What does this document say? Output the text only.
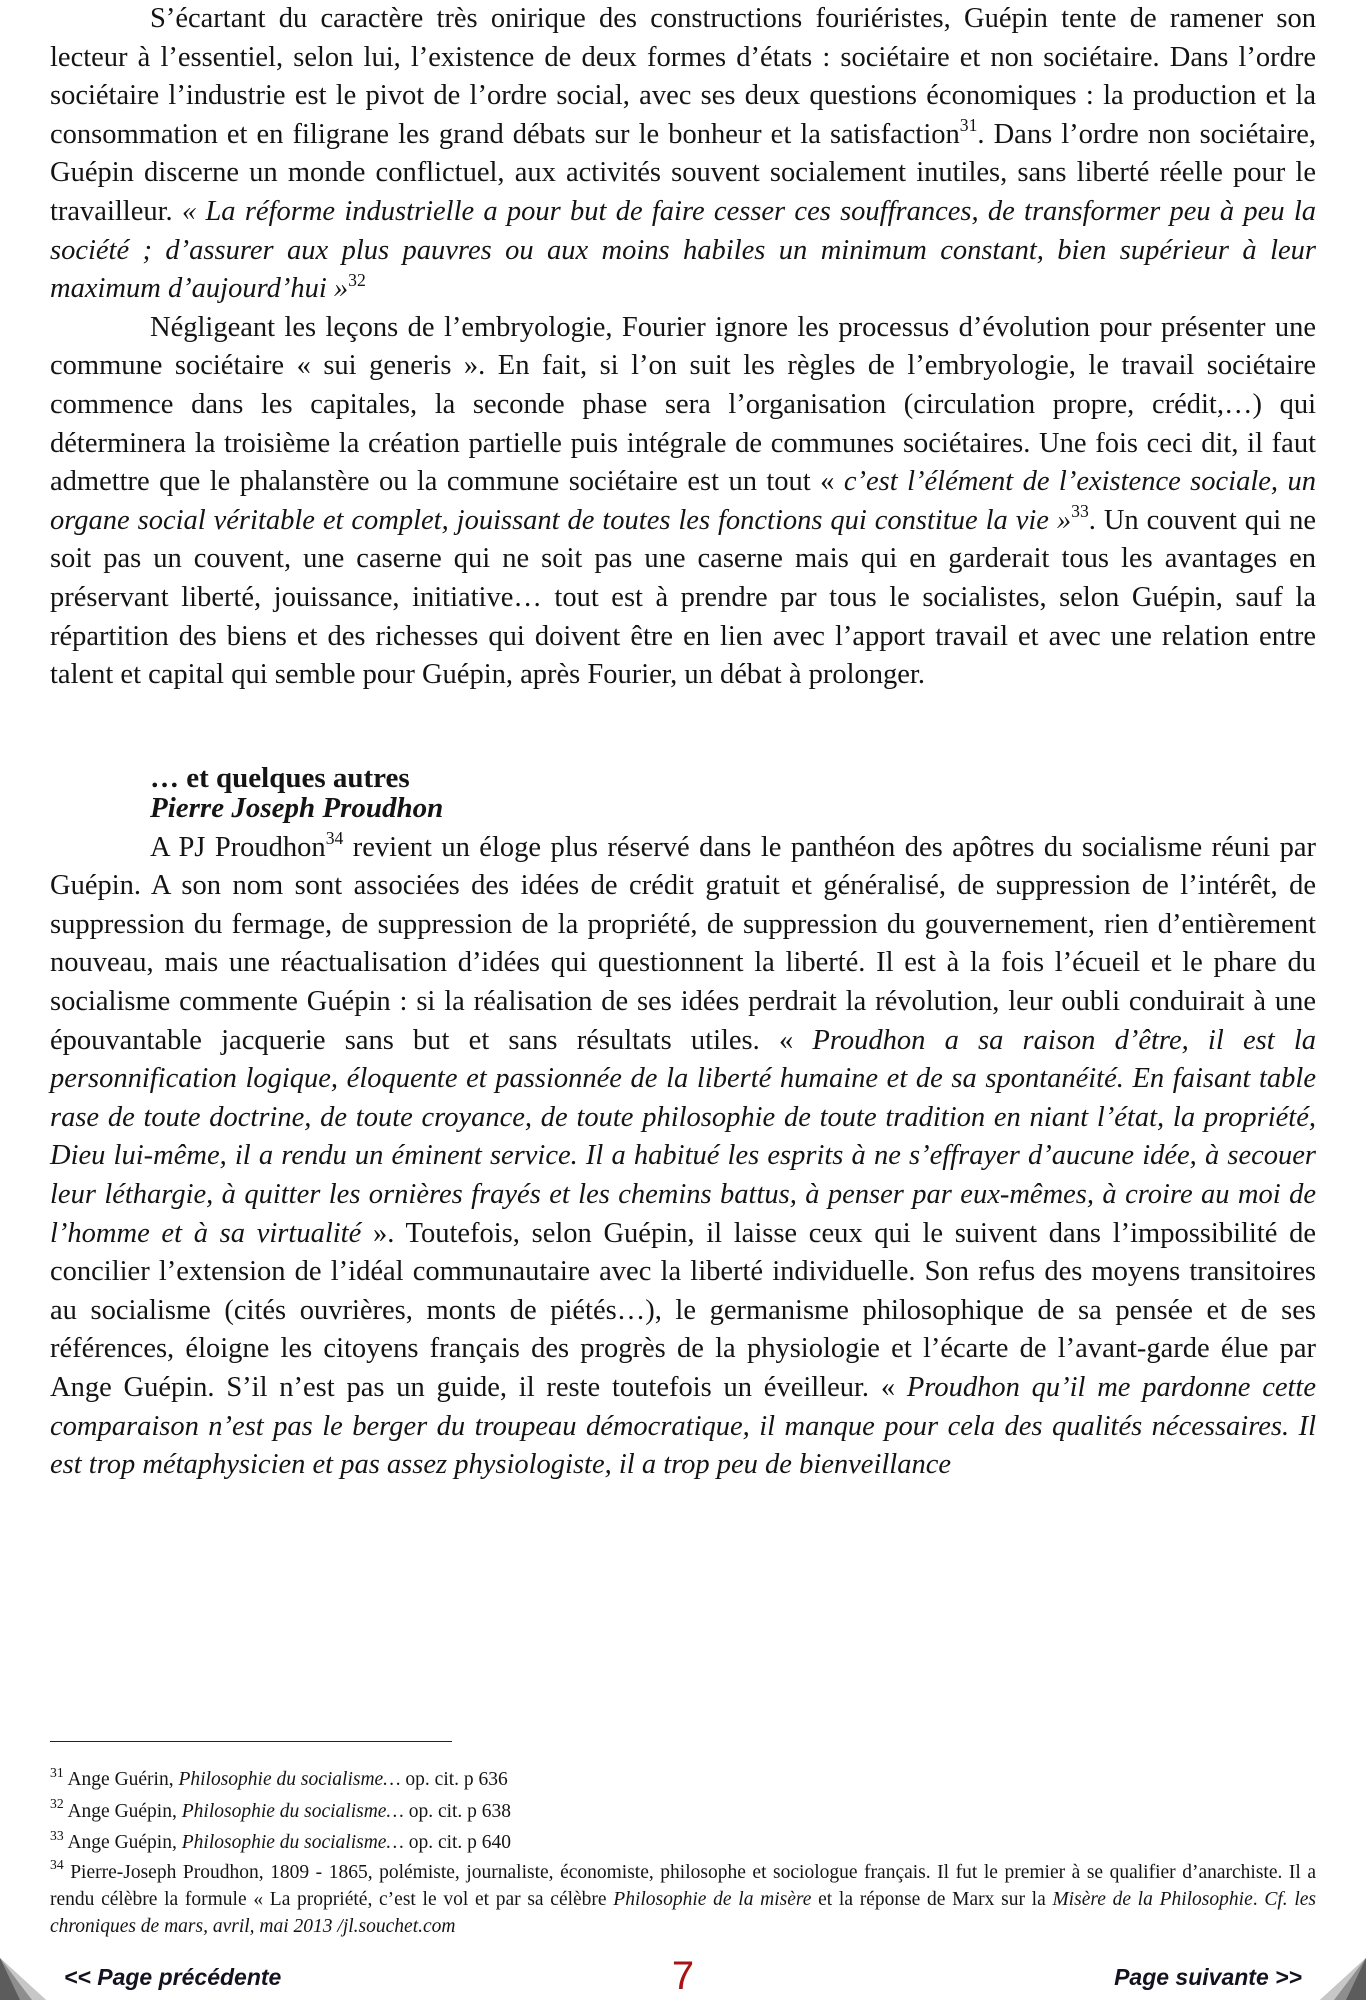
S’écartant du caractère très onirique des constructions fouriéristes, Guépin tente de ramener son lecteur à l’essentiel, selon lui, l’existence de deux formes d’états : sociétaire et non sociétaire. Dans l’ordre sociétaire l’industrie est le pivot de l’ordre social, avec ses deux questions économiques : la production et la consommation et en filigrane les grand débats sur le bonheur et la satisfaction$^{31}$. Dans l’ordre non sociétaire, Guépin discerne un monde conflictuel, aux activités souvent socialement inutiles, sans liberté réelle pour le travailleur. « La réforme industrielle a pour but de faire cesser ces souffrances, de transformer peu à peu la société ; d’assurer aux plus pauvres ou aux moins habiles un minimum constant, bien supérieur à leur maximum d’aujourd’hui »$^{32}$

Négligeant les leçons de l’embryologie, Fourier ignore les processus d’évolution pour présenter une commune sociétaire « sui generis ». En fait, si l’on suit les règles de l’embryologie, le travail sociétaire commence dans les capitales, la seconde phase sera l’organisation (circulation propre, crédit,…) qui déterminera la troisième la création partielle puis intégrale de communes sociétaires. Une fois ceci dit, il faut admettre que le phalanstère ou la commune sociétaire est un tout « c’est l’élément de l’existence sociale, un organe social véritable et complet, jouissant de toutes les fonctions qui constitue la vie »$^{33}$. Un couvent qui ne soit pas un couvent, une caserne qui ne soit pas une caserne mais qui en garderait tous les avantages en préservant liberté, jouissance, initiative… tout est à prendre par tous le socialistes, selon Guépin, sauf la répartition des biens et des richesses qui doivent être en lien avec l’apport travail et avec une relation entre talent et capital qui semble pour Guépin, après Fourier, un débat à prolonger.

… et quelques autres
Pierre Joseph Proudhon

A PJ Proudhon$^{34}$ revient un éloge plus réservé dans le panthéon des apôtres du socialisme réuni par Guépin. A son nom sont associées des idées de crédit gratuit et généralisé, de suppression de l’intérêt, de suppression du fermage, de suppression de la propriété, de suppression du gouvernement, rien d’entièrement nouveau, mais une réactualisation d’idées qui questionnent la liberté. Il est à la fois l’écueil et le phare du socialisme commente Guépin : si la réalisation de ses idées perdrait la révolution, leur oubli conduirait à une épouvantable jacquerie sans but et sans résultats utiles. « Proudhon a sa raison d’être, il est la personnification logique, éloquente et passionnée de la liberté humaine et de sa spontanéité. En faisant table rase de toute doctrine, de toute croyance, de toute philosophie de toute tradition en niant l’état, la propriété, Dieu lui-même, il a rendu un éminent service. Il a habitué les esprits à ne s’effrayer d’aucune idée, à secouer leur léthargie, à quitter les ornières frayés et les chemins battus, à penser par eux-mêmes, à croire au moi de l’homme et à sa virtualité ». Toutefois, selon Guépin, il laisse ceux qui le suivent dans l’impossibilité de concilier l’extension de l’idéal communautaire avec la liberté individuelle. Son refus des moyens transitoires au socialisme (cités ouvrières, monts de piétés…), le germanisme philosophique de sa pensée et de ses références, éloigne les citoyens français des progrès de la physiologie et l’écarte de l’avant-garde élue par Ange Guépin. S’il n’est pas un guide, il reste toutefois un éveilleur. « Proudhon qu’il me pardonne cette comparaison n’est pas le berger du troupeau démocratique, il manque pour cela des qualités nécessaires. Il est trop métaphysicien et pas assez physiologiste, il a trop peu de bienveillance

$^{31}$ Ange Guérin, Philosophie du socialisme… op. cit. p 636

$^{32}$ Ange Guépin, Philosophie du socialisme… op. cit. p 638

$^{33}$ Ange Guépin, Philosophie du socialisme… op. cit. p 640

$^{34}$ Pierre-Joseph Proudhon, 1809 - 1865, polémiste, journaliste, économiste, philosophe et sociologue français. Il fut le premier à se qualifier d’anarchiste. Il a rendu célèbre la formule « La propriété, c’est le vol et par sa célèbre Philosophie de la misère et la réponse de Marx sur la Misère de la Philosophie. Cf. les chroniques de mars, avril, mai 2013 /jl.souchet.com

<< Page précédente	7	Page suivante >>
